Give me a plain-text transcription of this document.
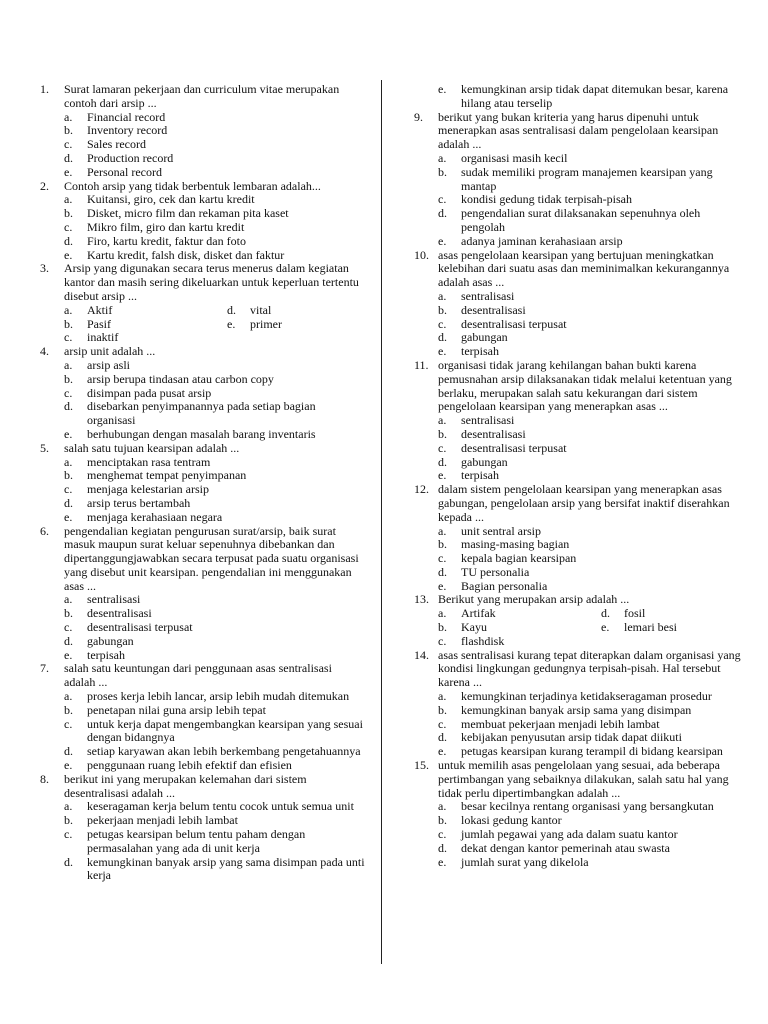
1. Surat lamaran pekerjaan dan curriculum vitae merupakan contoh dari arsip ...
a. Financial record
b. Inventory record
c. Sales record
d. Production record
e. Personal record
2. Contoh arsip yang tidak berbentuk lembaran adalah...
a. Kuitansi, giro, cek dan kartu kredit
b. Disket, micro film dan rekaman pita kaset
c. Mikro film, giro dan kartu kredit
d. Firo, kartu kredit, faktur dan foto
e. Kartu kredit, falsh disk, disket dan faktur
3. Arsip yang digunakan secara terus menerus dalam kegiatan kantor dan masih sering dikeluarkan untuk keperluan tertentu disebut arsip ...
a. Aktif	d. vital
b. Pasif	e. primer
c. inaktif
4. arsip unit adalah ...
a. arsip asli
b. arsip berupa tindasan atau carbon copy
c. disimpan pada pusat arsip
d. disebarkan penyimpanannya pada setiap bagian organisasi
e. berhubungan dengan masalah barang inventaris
5. salah satu tujuan kearsipan adalah ...
a. menciptakan rasa tentram
b. menghemat tempat penyimpanan
c. menjaga kelestarian arsip
d. arsip terus bertambah
e. menjaga kerahasiaan negara
6. pengendalian kegiatan pengurusan surat/arsip, baik surat masuk maupun surat keluar sepenuhnya dibebankan dan dipertanggungjawabkan secara terpusat pada suatu organisasi yang disebut unit kearsipan. pengendalian ini menggunakan asas ...
a. sentralisasi
b. desentralisasi
c. desentralisasi terpusat
d. gabungan
e. terpisah
7. salah satu keuntungan dari penggunaan asas sentralisasi adalah ...
a. proses kerja lebih lancar, arsip lebih mudah ditemukan
b. penetapan nilai guna arsip lebih tepat
c. untuk kerja dapat mengembangkan kearsipan yang sesuai dengan bidangnya
d. setiap karyawan akan lebih berkembang pengetahuannya
e. penggunaan ruang lebih efektif dan efisien
8. berikut ini yang merupakan kelemahan dari sistem desentralisasi adalah ...
a. keseragaman kerja belum tentu cocok untuk semua unit
b. pekerjaan menjadi lebih lambat
c. petugas kearsipan belum tentu paham dengan permasalahan yang ada di unit kerja
d. kemungkinan banyak arsip yang sama disimpan pada unti kerja
e. kemungkinan arsip tidak dapat ditemukan besar, karena hilang atau terselip
9. berikut yang bukan kriteria yang harus dipenuhi untuk menerapkan asas sentralisasi dalam pengelolaan kearsipan adalah ...
a. organisasi masih kecil
b. sudak memiliki program manajemen kearsipan yang mantap
c. kondisi gedung tidak terpisah-pisah
d. pengendalian surat dilaksanakan sepenuhnya oleh pengolah
e. adanya jaminan kerahasiaan arsip
10. asas pengelolaan kearsipan yang bertujuan meningkatkan kelebihan dari suatu asas dan meminimalkan kekurangannya adalah asas ...
a. sentralisasi
b. desentralisasi
c. desentralisasi terpusat
d. gabungan
e. terpisah
11. organisasi tidak jarang kehilangan bahan bukti karena pemusnahan arsip dilaksanakan tidak melalui ketentuan yang berlaku, merupakan salah satu kekurangan dari sistem pengelolaan kearsipan yang menerapkan asas ...
a. sentralisasi
b. desentralisasi
c. desentralisasi terpusat
d. gabungan
e. terpisah
12. dalam sistem pengelolaan kearsipan yang menerapkan asas gabungan, pengelolaan arsip yang bersifat inaktif diserahkan kepada ...
a. unit sentral arsip
b. masing-masing bagian
c. kepala bagian kearsipan
d. TU personalia
e. Bagian personalia
13. Berikut yang merupakan arsip adalah ...
a. Artifak	d. fosil
b. Kayu	e. lemari besi
c. flashdisk
14. asas sentralisasi kurang tepat diterapkan dalam organisasi yang kondisi lingkungan gedungnya terpisah-pisah. Hal tersebut karena ...
a. kemungkinan terjadinya ketidakseragaman prosedur
b. kemungkinan banyak arsip sama yang disimpan
c. membuat pekerjaan menjadi lebih lambat
d. kebijakan penyusutan arsip tidak dapat diikuti
e. petugas kearsipan kurang terampil di bidang kearsipan
15. untuk memilih asas pengelolaan yang sesuai, ada beberapa pertimbangan yang sebaiknya dilakukan, salah satu hal yang tidak perlu dipertimbangkan adalah ...
a. besar kecilnya rentang organisasi yang bersangkutan
b. lokasi gedung kantor
c. jumlah pegawai yang ada dalam suatu kantor
d. dekat dengan kantor pemerinah atau swasta
e. jumlah surat yang dikelola
